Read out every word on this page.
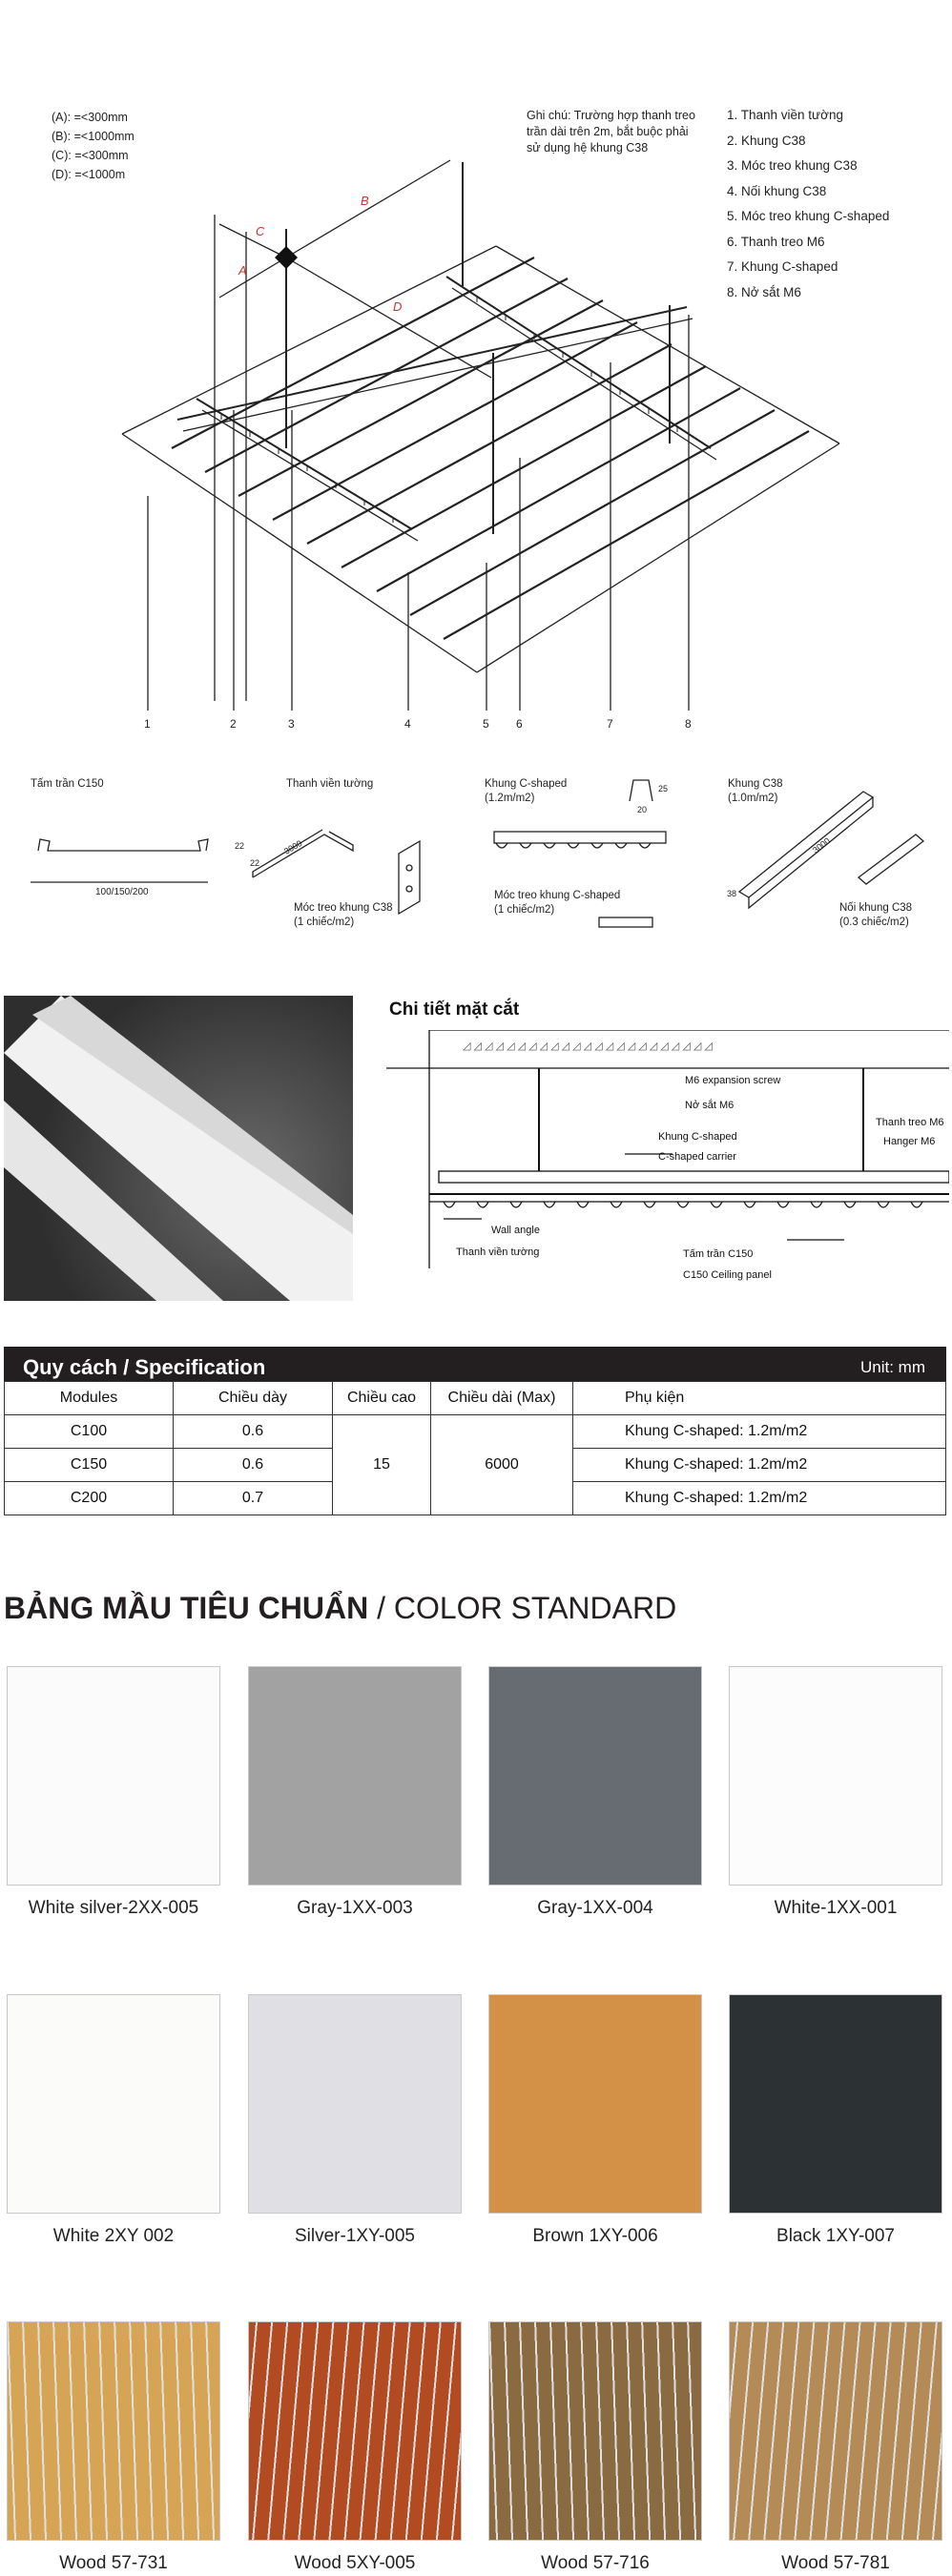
(A): =<300mm
(B): =<1000mm
(C): =<300mm
(D): =<1000m
Ghi chú: Trường hợp thanh treo
trần dài trên 2m, bắt buộc phải
sử dụng hệ khung C38
1. Thanh viền tường
2. Khung C38
3. Móc treo khung C38
4. Nối khung C38
5. Móc treo khung C-shaped
6. Thanh treo M6
7. Khung C-shaped
8. Nở sắt M6
A
B
C
D
1	2	3	4	5 6	7	8
3000	3000
38
25
20
22
22
Tấm trần C150
100/150/200
Thanh viền tường
Móc treo khung C38
(1 chiếc/m2)
Khung C-shaped
(1.2m/m2)
Móc treo khung C-shaped
(1 chiếc/m2)
Khung C38
(1.0m/m2)
Nối khung C38
(0.3 chiếc/m2)
Chi tiết mặt cắt
◿ ◿ ◿ ◿ ◿ ◿ ◿ ◿ ◿ ◿ ◿ ◿ ◿ ◿ ◿ ◿ ◿ ◿ ◿ ◿ ◿ ◿ ◿
M6 expansion screw
Nở sắt M6
Thanh treo M6
Hanger M6
Khung C-shaped
C-shaped carrier
Wall angle
Thanh viền tường	Tấm trần C150
C150 Ceiling panel
Quy cách / Specification	Unit: mm
Modules	Chiều dày	Chiều cao	Chiều dài (Max)	Phụ kiện
C100	0.6	15	6000	Khung C-shaped: 1.2m/m2
C150	0.6			Khung C-shaped: 1.2m/m2
C200	0.7			Khung C-shaped: 1.2m/m2
BẢNG MẦU TIÊU CHUẨN / COLOR STANDARD
White silver-2XX-005	Gray-1XX-003	Gray-1XX-004	White-1XX-001
White 2XY 002	Silver-1XY-005	Brown 1XY-006	Black 1XY-007
Wood 57-731	Wood 5XY-005	Wood 57-716	Wood 57-781
